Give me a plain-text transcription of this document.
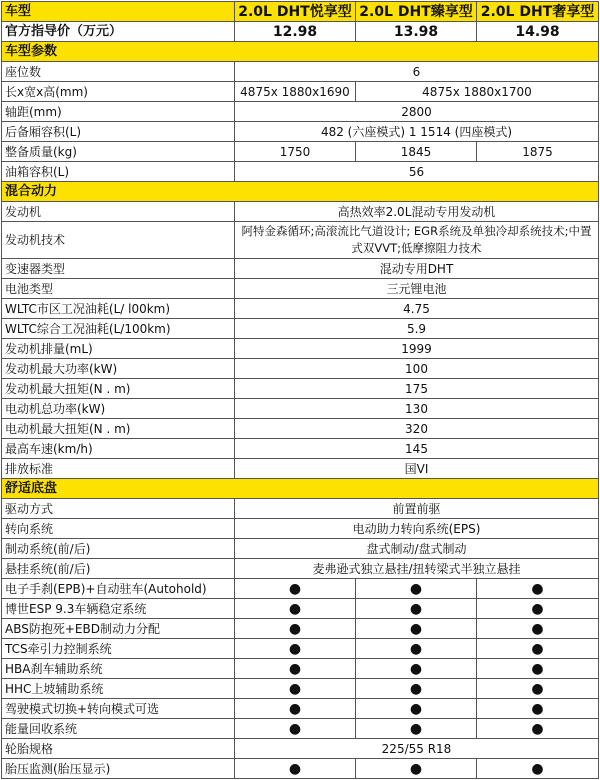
车型	2.0L DHT悦享型	2.0L DHT臻享型	2.0L DHT奢享型
官方指导价（万元）	12.98	13.98	14.98
车型参数			
座位数	6		
长x宽x高(mm)	4875x 1880x1690	4875x 1880x1700	
轴距(mm)	2800		
后备厢容积(L)	482 (六座模式) 1 1514 (四座模式)		
整备质量(kg)	1750	1845	1875
油箱容积(L)	56		
混合动力			
发动机	高热效率2.0L混动专用发动机		
发动机技术	阿特金森循环;高滚流比气道设计; EGR系统及单独冷却系统技术;中置式双VVT;低摩擦阻力技术		
变速器类型	混动专用DHT		
电池类型	三元锂电池		
WLTC市区工况油耗(L/ l00km)	4.75		
WLTC综合工况油耗(L/100km)	5.9		
发动机排量(mL)	1999		
发动机最大功率(kW)	100		
发动机最大扭矩(N . m)	175		
电动机总功率(kW)	130		
电动机最大扭矩(N . m)	320		
最高车速(km/h)	145		
排放标准	国VI		
舒适底盘			
驱动方式	前置前驱		
转向系统	电动助力转向系统(EPS)		
制动系统(前/后)	盘式制动/盘式制动		
悬挂系统(前/后)	麦弗逊式独立悬挂/扭转梁式半独立悬挂		
电子手刹(EPB)+自动驻车(Autohold)	●	●	●
博世ESP 9.3车辆稳定系统	●	●	●
ABS防抱死+EBD制动力分配	●	●	●
TCS牵引力控制系统	●	●	●
HBA刹车辅助系统	●	●	●
HHC上坡辅助系统	●	●	●
驾驶模式切换+转向模式可选	●	●	●
能量回收系统	●	●	●
轮胎规格	225/55 R18		
胎压监测(胎压显示)	●	●	●
